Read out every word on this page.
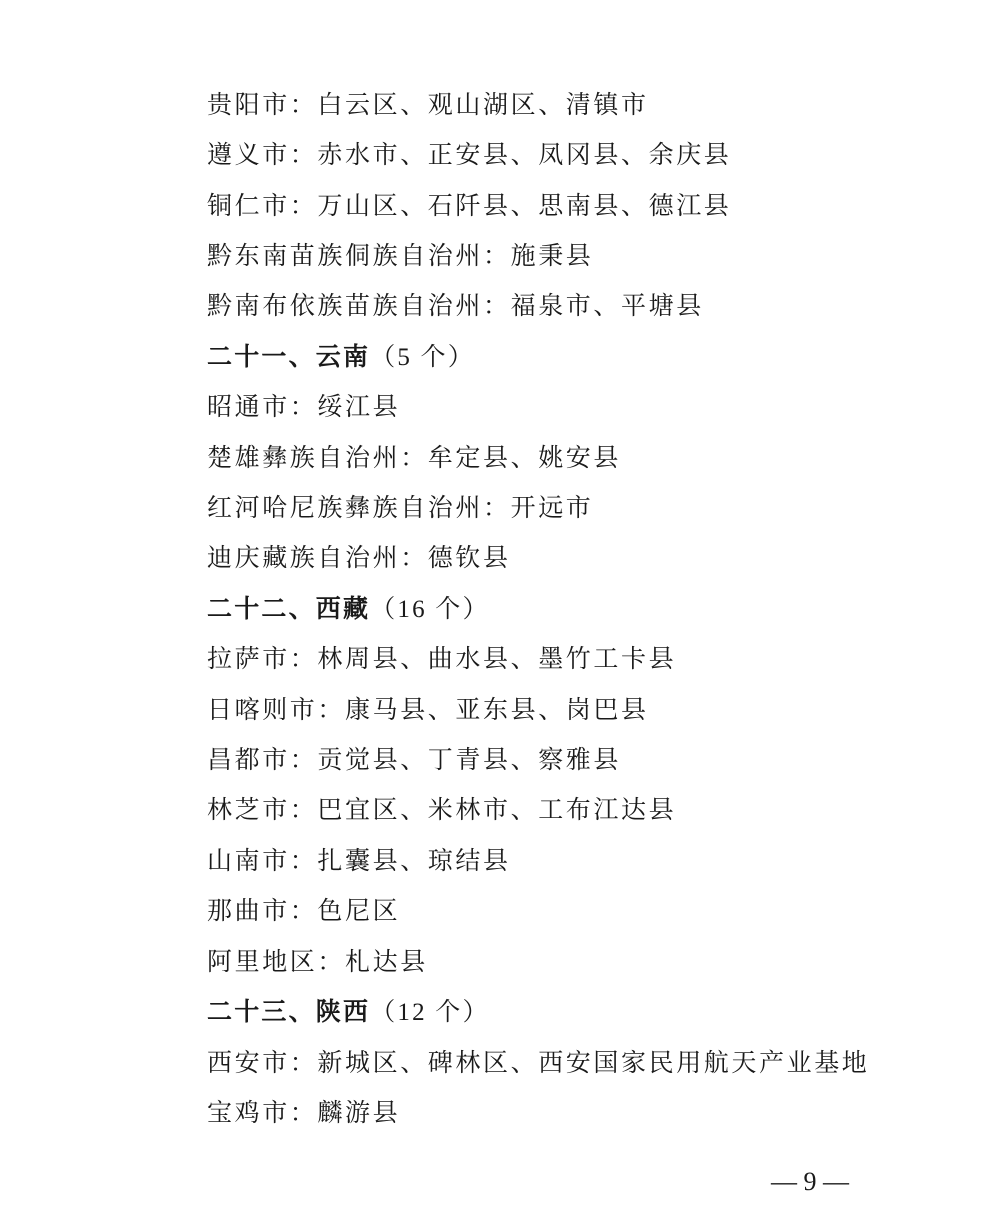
贵阳市：白云区、观山湖区、清镇市
遵义市：赤水市、正安县、凤冈县、余庆县
铜仁市：万山区、石阡县、思南县、德江县
黔东南苗族侗族自治州：施秉县
黔南布依族苗族自治州：福泉市、平塘县
二十一、云南（5 个）
昭通市：绥江县
楚雄彝族自治州：牟定县、姚安县
红河哈尼族彝族自治州：开远市
迪庆藏族自治州：德钦县
二十二、西藏（16 个）
拉萨市：林周县、曲水县、墨竹工卡县
日喀则市：康马县、亚东县、岗巴县
昌都市：贡觉县、丁青县、察雅县
林芝市：巴宜区、米林市、工布江达县
山南市：扎囊县、琼结县
那曲市：色尼区
阿里地区：札达县
二十三、陕西（12 个）
西安市：新城区、碑林区、西安国家民用航天产业基地
宝鸡市：麟游县
— 9 —
